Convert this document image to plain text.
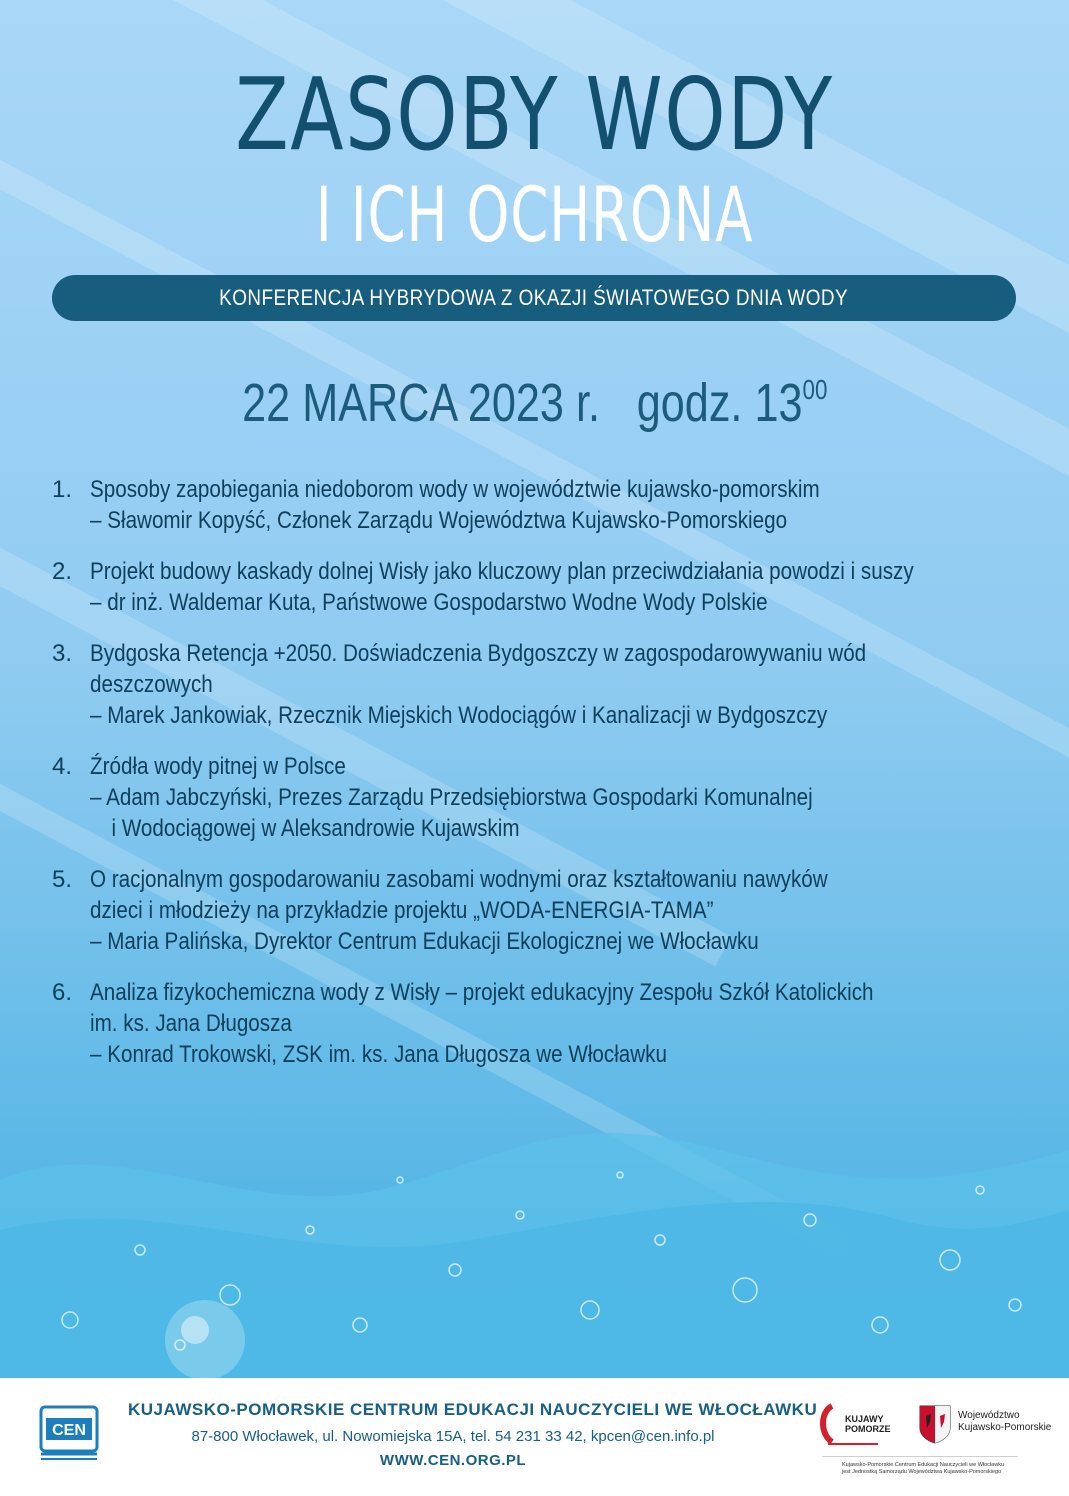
ZASOBY WODY
I ICH OCHRONA
KONFERENCJA HYBRYDOWA Z OKAZJI ŚWIATOWEGO DNIA WODY
22 MARCA 2023 r. godz. $13^{00}$
1. Sposoby zapobiegania niedoborom wody w województwie kujawsko-pomorskim
– Sławomir Kopyść, Członek Zarządu Województwa Kujawsko-Pomorskiego
2. Projekt budowy kaskady dolnej Wisły jako kluczowy plan przeciwdziałania powodzi i suszy
– dr inż. Waldemar Kuta, Państwowe Gospodarstwo Wodne Wody Polskie
3. Bydgoska Retencja +2050. Doświadczenia Bydgoszczy w zagospodarowywaniu wód
deszczowych
– Marek Jankowiak, Rzecznik Miejskich Wodociągów i Kanalizacji w Bydgoszczy
4. Źródła wody pitnej w Polsce
– Adam Jabczyński, Prezes Zarządu Przedsiębiorstwa Gospodarki Komunalnej
i Wodociągowej w Aleksandrowie Kujawskim
5. O racjonalnym gospodarowaniu zasobami wodnymi oraz kształtowaniu nawyków
dzieci i młodzieży na przykładzie projektu „WODA-ENERGIA-TAMA”
– Maria Palińska, Dyrektor Centrum Edukacji Ekologicznej we Włocławku
6. Analiza fizykochemiczna wody z Wisły – projekt edukacyjny Zespołu Szkół Katolickich
im. ks. Jana Długosza
– Konrad Trokowski, ZSK im. ks. Jana Długosza we Włocławku
CEN
KUJAWSKO-POMORSKIE CENTRUM EDUKACJI NAUCZYCIELI WE WŁOCŁAWKU
87-800 Włocławek, ul. Nowomiejska 15A, tel. 54 231 33 42, kpcen@cen.info.pl
WWW.CEN.ORG.PL
KUJAWY
POMORZE
Województwo
Kujawsko-Pomorskie
Kujawsko-Pomorskie Centrum Edukacji Nauczycieli we Włocławku
jest Jednostką Samorządu Województwa Kujawsko-Pomorskiego
